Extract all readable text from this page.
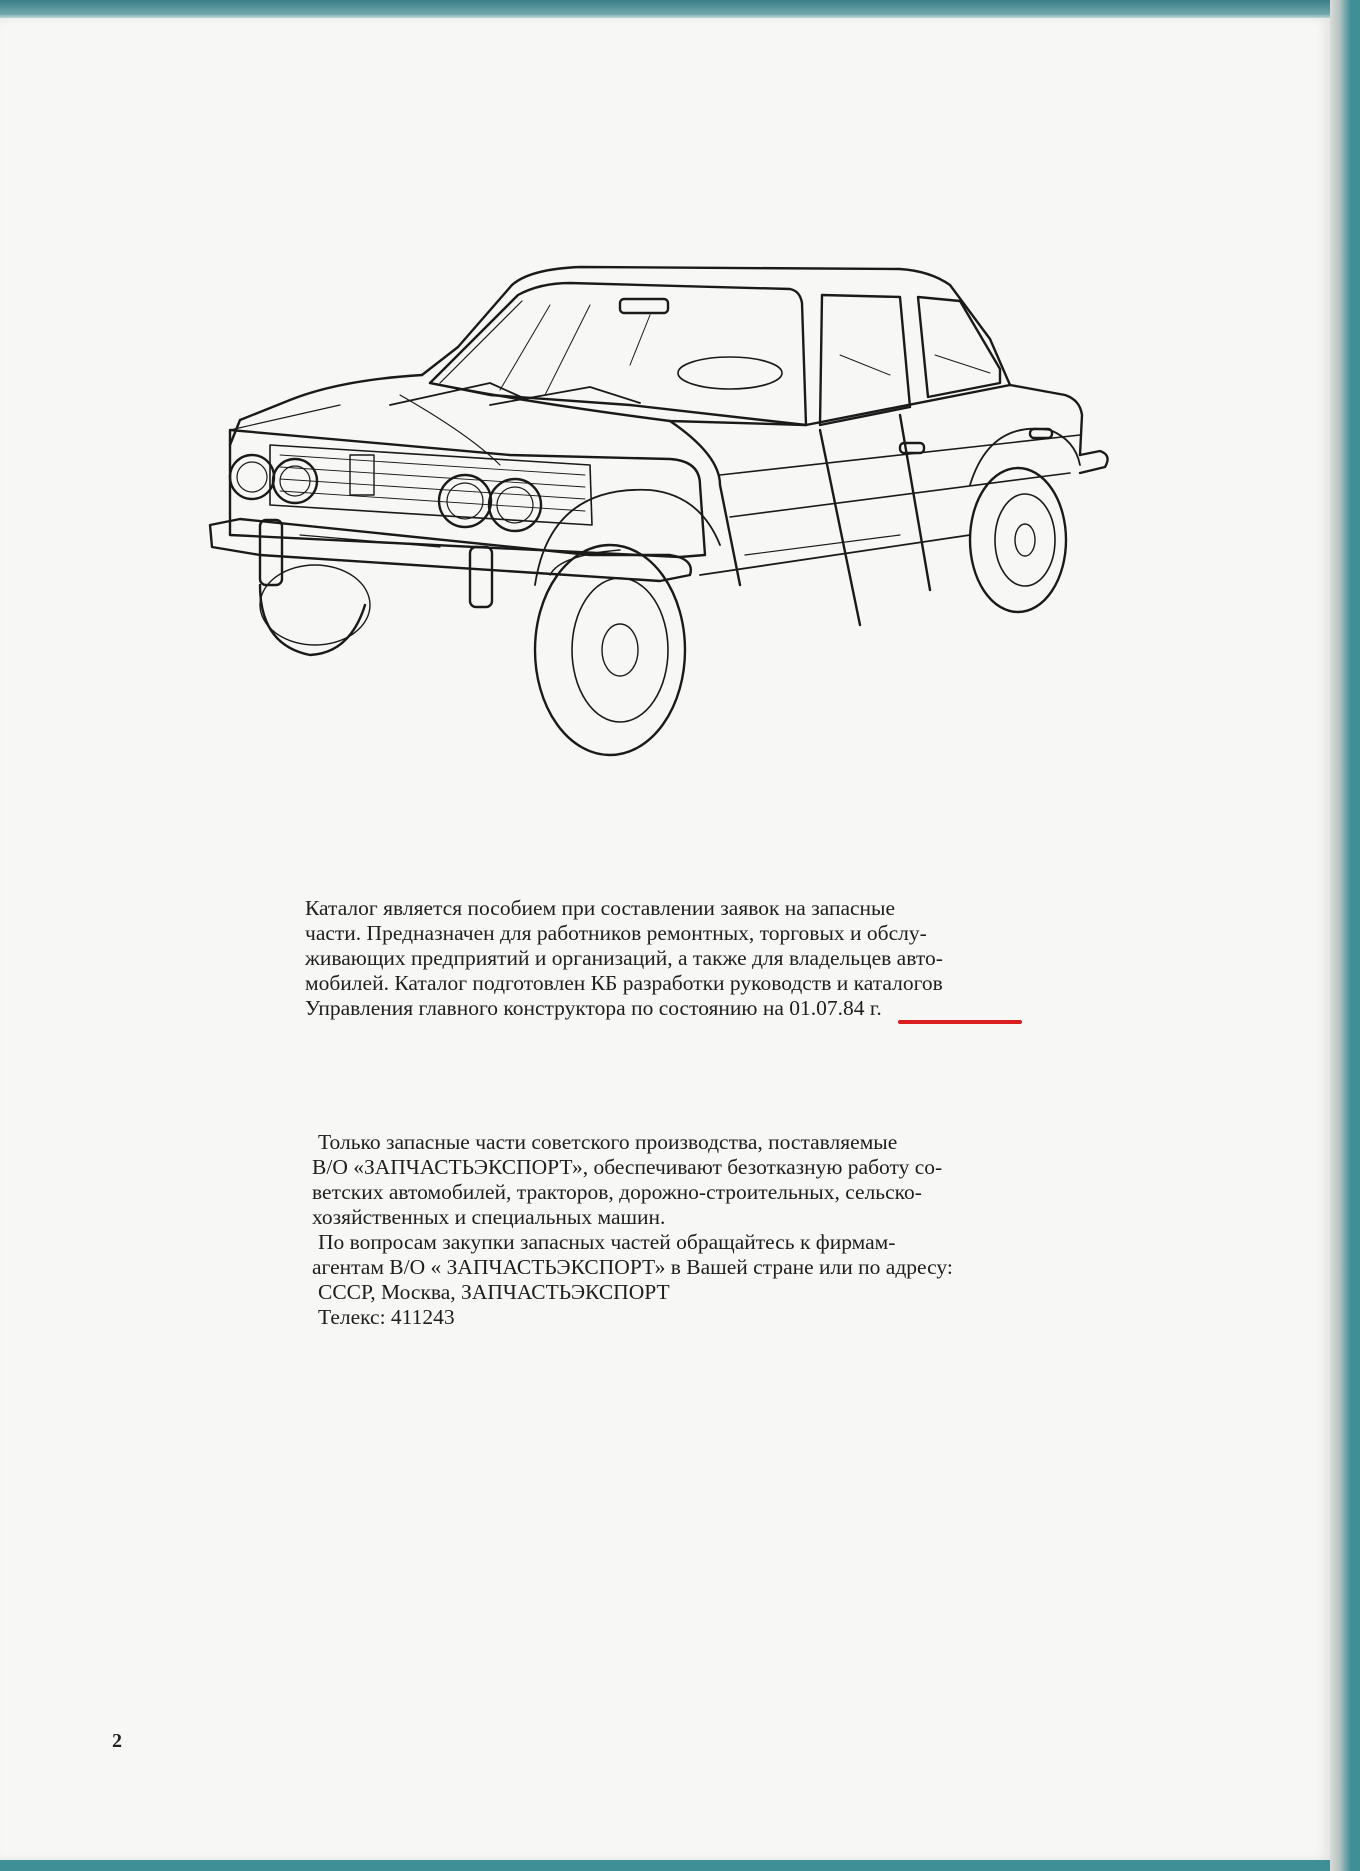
Каталог является пособием при составлении заявок на запасные
части. Предназначен для работников ремонтных, торговых и обслу-
живающих предприятий и организаций, а также для владельцев авто-
мобилей. Каталог подготовлен КБ разработки руководств и каталогов
Управления главного конструктора по состоянию на 01.07.84 г.
Только запасные части советского производства, поставляемые
В/О «ЗАПЧАСТЬЭКСПОРТ», обеспечивают безотказную работу со-
ветских автомобилей, тракторов, дорожно-строительных, сельско-
хозяйственных и специальных машин.
По вопросам закупки запасных частей обращайтесь к фирмам-
агентам В/О « ЗАПЧАСТЬЭКСПОРТ» в Вашей стране или по адресу:
СССР, Москва, ЗАПЧАСТЬЭКСПОРТ
Телекс: 411243
2
